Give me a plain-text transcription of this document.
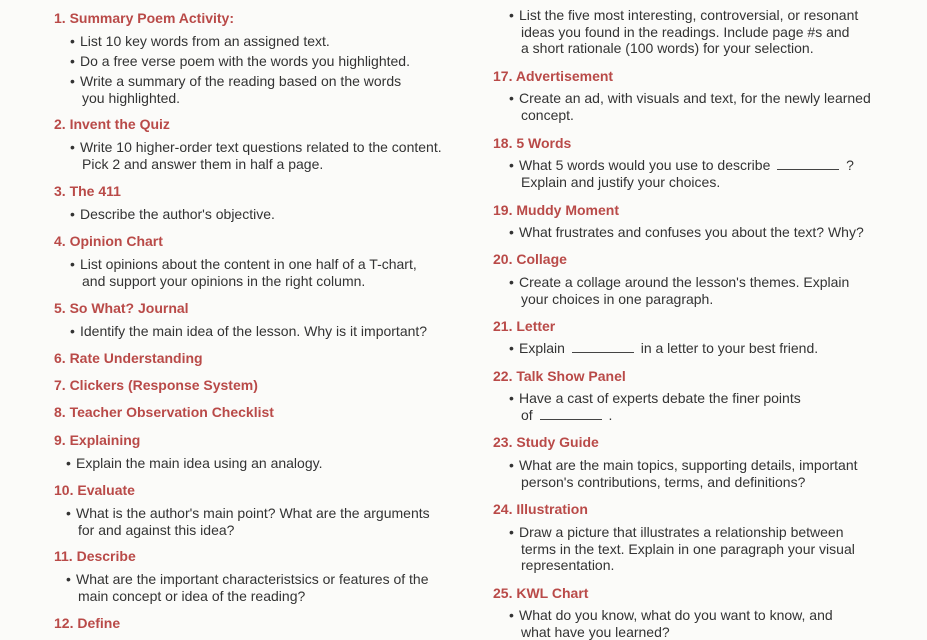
1. Summary Poem Activity:
• List 10 key words from an assigned text.
• Do a free verse poem with the words you highlighted.
• Write a summary of the reading based on the words
you highlighted.
2. Invent the Quiz
• Write 10 higher-order text questions related to the content.
Pick 2 and answer them in half a page.
3. The 411
• Describe the author's objective.
4. Opinion Chart
• List opinions about the content in one half of a T-chart,
and support your opinions in the right column.
5. So What? Journal
• Identify the main idea of the lesson. Why is it important?
6. Rate Understanding
7. Clickers (Response System)
8. Teacher Observation Checklist
9. Explaining
• Explain the main idea using an analogy.
10. Evaluate
• What is the author's main point? What are the arguments
for and against this idea?
11. Describe
• What are the important characteristsics or features of the
main concept or idea of the reading?
12. Define
• List the five most interesting, controversial, or resonant
ideas you found in the readings. Include page #s and
a short rationale (100 words) for your selection.
17. Advertisement
• Create an ad, with visuals and text, for the newly learned
concept.
18. 5 Words
• What 5 words would you use to describe	?
Explain and justify your choices.
19. Muddy Moment
• What frustrates and confuses you about the text? Why?
20. Collage
• Create a collage around the lesson's themes. Explain
your choices in one paragraph.
21. Letter
• Explain	in a letter to your best friend.
22. Talk Show Panel
• Have a cast of experts debate the finer points
of	.
23. Study Guide
• What are the main topics, supporting details, important
person's contributions, terms, and definitions?
24. Illustration
• Draw a picture that illustrates a relationship between
terms in the text. Explain in one paragraph your visual
representation.
25. KWL Chart
• What do you know, what do you want to know, and
what have you learned?
